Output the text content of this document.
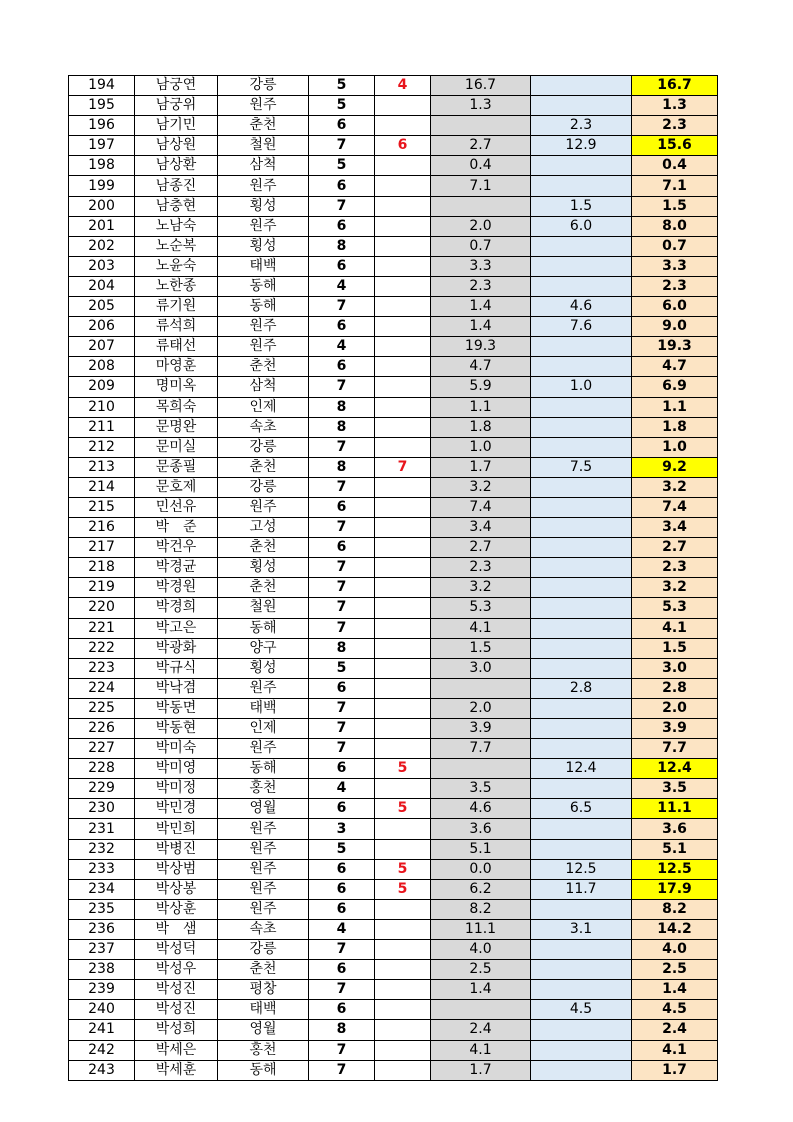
194	남궁연	강릉	5	4	16.7		16.7
195	남궁위	원주	5		1.3		1.3
196	남기민	춘천	6			2.3	2.3
197	남상원	철원	7	6	2.7	12.9	15.6
198	남상환	삼척	5		0.4		0.4
199	남종진	원주	6		7.1		7.1
200	남충현	횡성	7			1.5	1.5
201	노남숙	원주	6		2.0	6.0	8.0
202	노순복	횡성	8		0.7		0.7
203	노윤숙	태백	6		3.3		3.3
204	노한종	동해	4		2.3		2.3
205	류기원	동해	7		1.4	4.6	6.0
206	류석희	원주	6		1.4	7.6	9.0
207	류태선	원주	4		19.3		19.3
208	마영훈	춘천	6		4.7		4.7
209	명미옥	삼척	7		5.9	1.0	6.9
210	목희숙	인제	8		1.1		1.1
211	문명완	속초	8		1.8		1.8
212	문미실	강릉	7		1.0		1.0
213	문종필	춘천	8	7	1.7	7.5	9.2
214	문호제	강릉	7		3.2		3.2
215	민선유	원주	6		7.4		7.4
216	박　준	고성	7		3.4		3.4
217	박건우	춘천	6		2.7		2.7
218	박경균	횡성	7		2.3		2.3
219	박경원	춘천	7		3.2		3.2
220	박경희	철원	7		5.3		5.3
221	박고은	동해	7		4.1		4.1
222	박광화	양구	8		1.5		1.5
223	박규식	횡성	5		3.0		3.0
224	박낙겸	원주	6			2.8	2.8
225	박동면	태백	7		2.0		2.0
226	박동현	인제	7		3.9		3.9
227	박미숙	원주	7		7.7		7.7
228	박미영	동해	6	5		12.4	12.4
229	박미정	홍천	4		3.5		3.5
230	박민경	영월	6	5	4.6	6.5	11.1
231	박민희	원주	3		3.6		3.6
232	박병진	원주	5		5.1		5.1
233	박상범	원주	6	5	0.0	12.5	12.5
234	박상봉	원주	6	5	6.2	11.7	17.9
235	박상훈	원주	6		8.2		8.2
236	박　샘	속초	4		11.1	3.1	14.2
237	박성덕	강릉	7		4.0		4.0
238	박성우	춘천	6		2.5		2.5
239	박성진	평창	7		1.4		1.4
240	박성진	태백	6			4.5	4.5
241	박성희	영월	8		2.4		2.4
242	박세은	홍천	7		4.1		4.1
243	박세훈	동해	7		1.7		1.7
